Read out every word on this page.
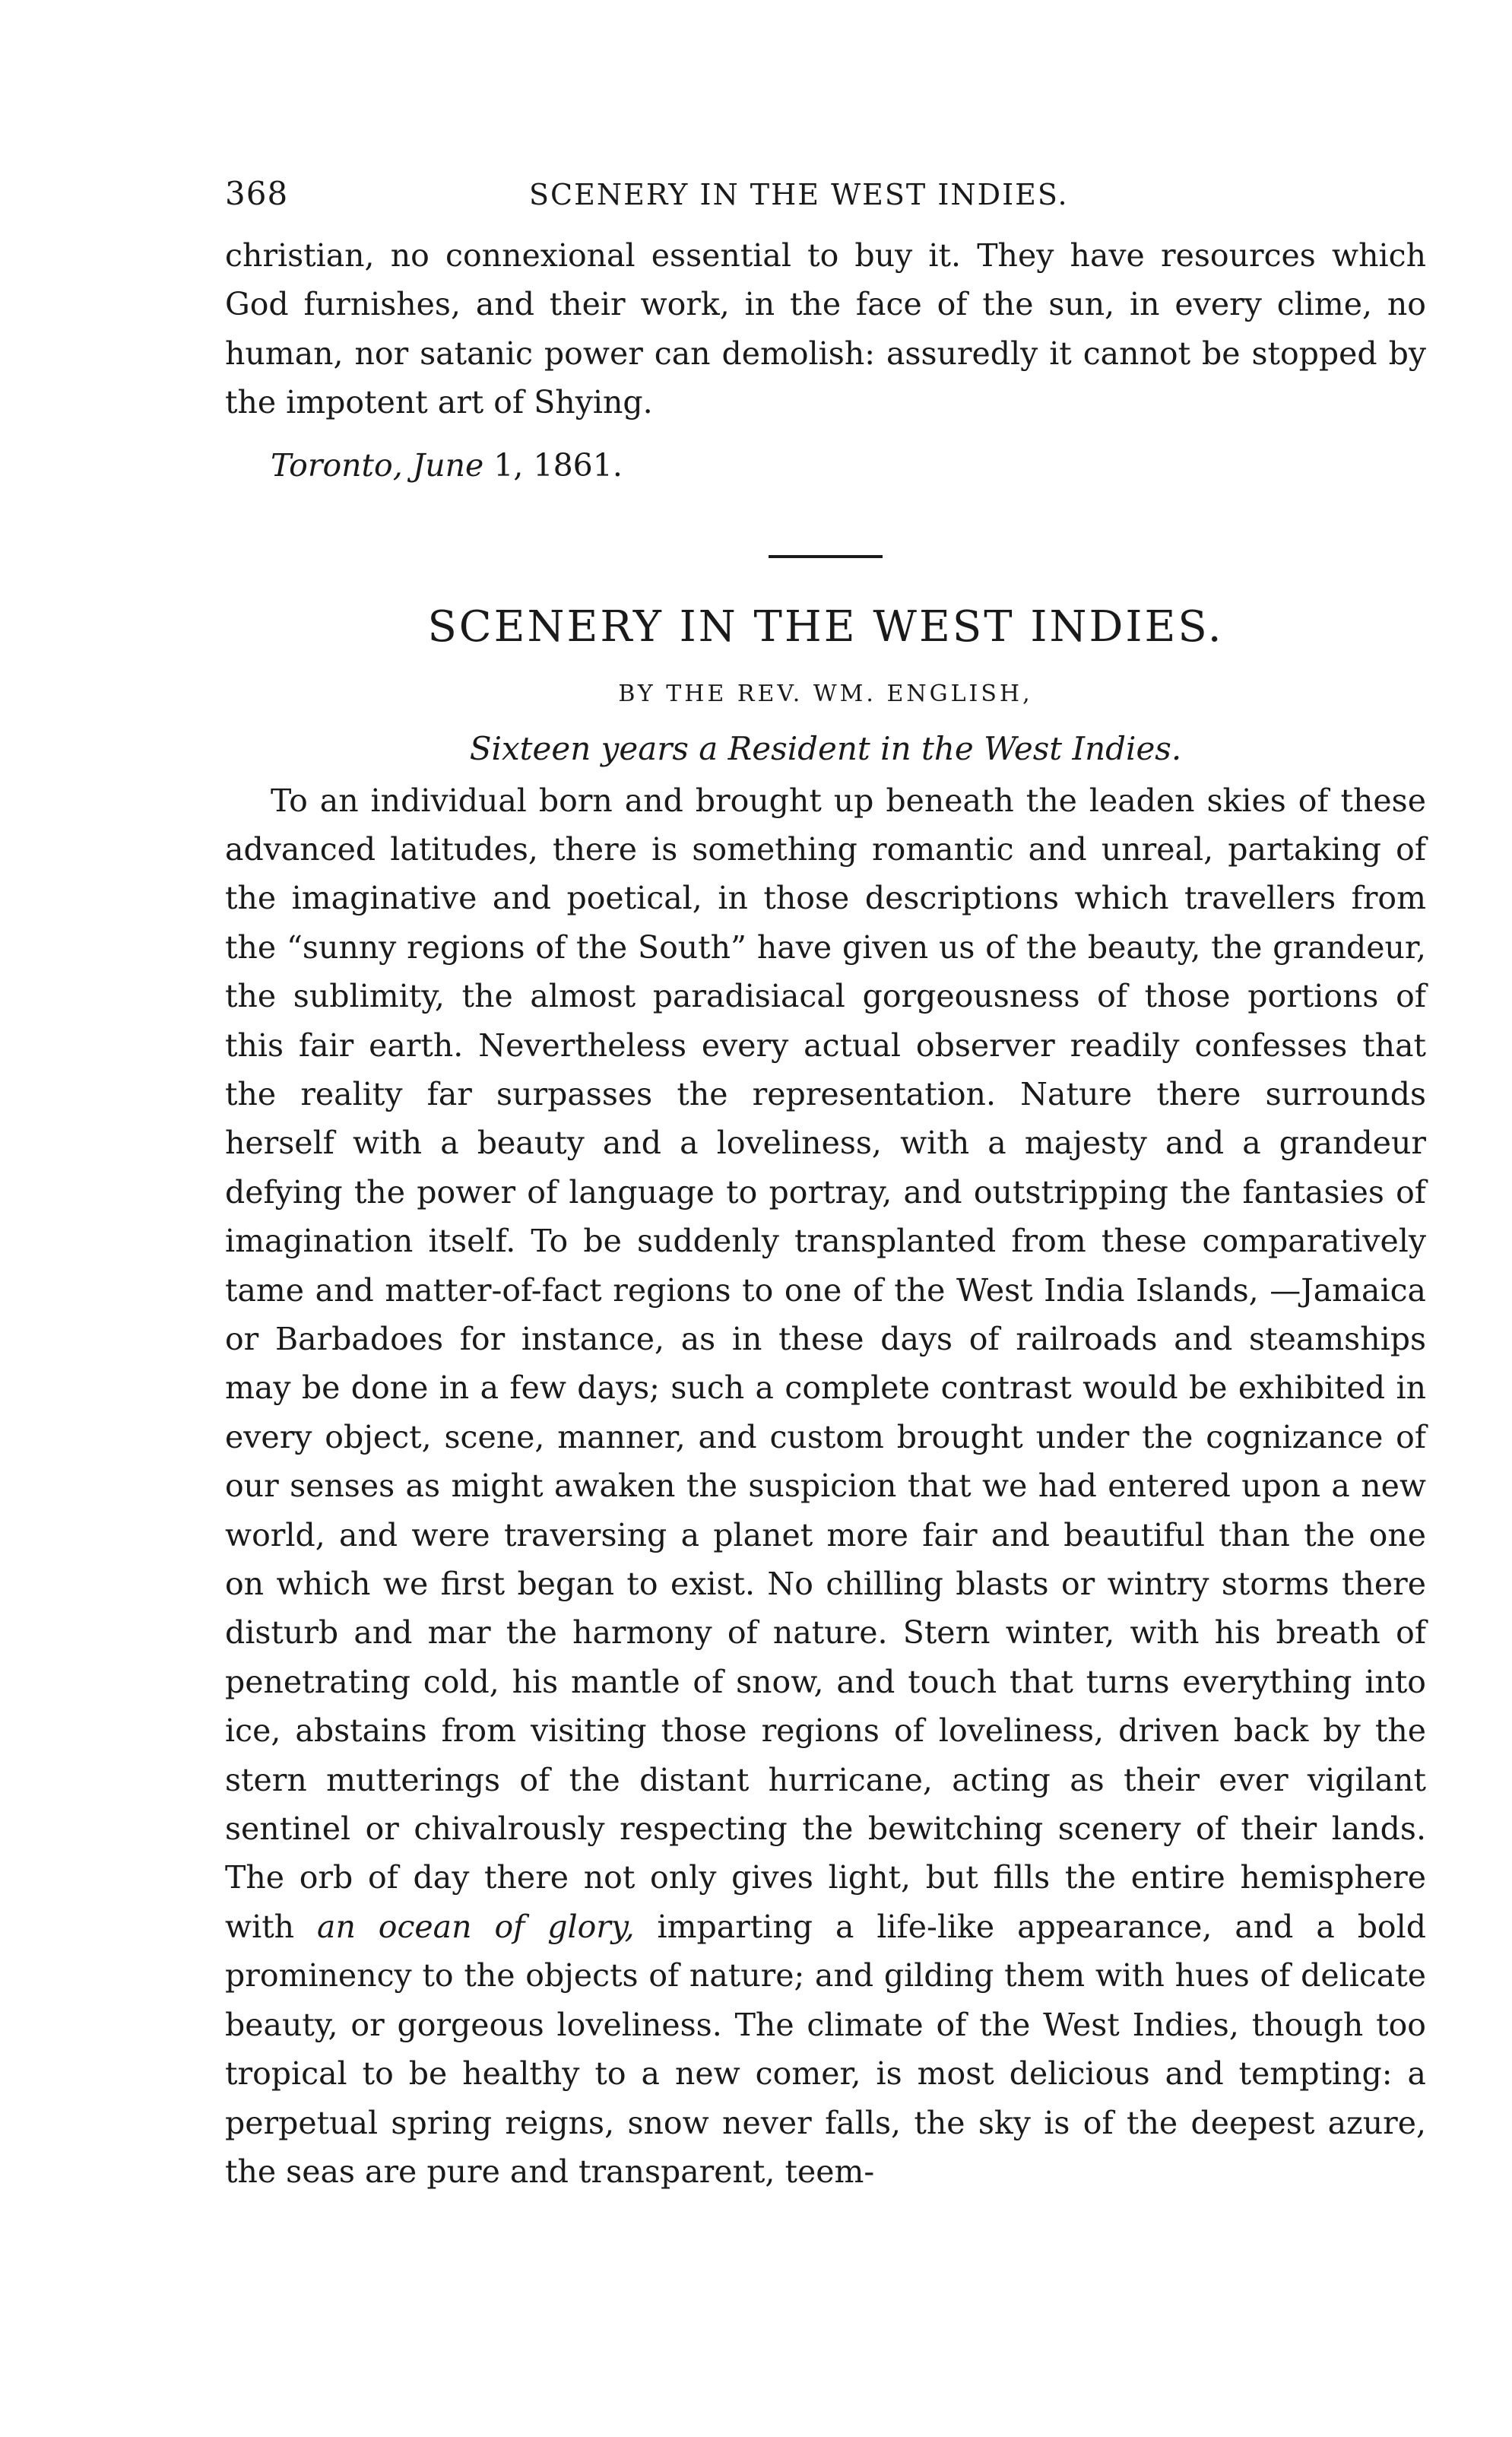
368	SCENERY IN THE WEST INDIES.

christian, no connexional essential to buy it. They have resources which God furnishes, and their work, in the face of the sun, in every clime, no human, nor satanic power can demolish: assuredly it cannot be stopped by the impotent art of Shying.
Toronto, June 1, 1861.

SCENERY IN THE WEST INDIES.
BY THE REV. WM. ENGLISH,
Sixteen years a Resident in the West Indies.

To an individual born and brought up beneath the leaden skies of these advanced latitudes, there is something romantic and unreal, partaking of the imaginative and poetical, in those descriptions which travellers from the “sunny regions of the South” have given us of the beauty, the grandeur, the sublimity, the almost paradisiacal gorgeousness of those portions of this fair earth. Nevertheless every actual observer readily confesses that the reality far surpasses the representation. Nature there surrounds herself with a beauty and a loveliness, with a majesty and a grandeur defying the power of language to portray, and outstripping the fantasies of imagination itself. To be suddenly transplanted from these comparatively tame and matter-of-fact regions to one of the West India Islands, —Jamaica or Barbadoes for instance, as in these days of railroads and steamships may be done in a few days; such a complete contrast would be exhibited in every object, scene, manner, and custom brought under the cognizance of our senses as might awaken the suspicion that we had entered upon a new world, and were traversing a planet more fair and beautiful than the one on which we first began to exist. No chilling blasts or wintry storms there disturb and mar the harmony of nature. Stern winter, with his breath of penetrating cold, his mantle of snow, and touch that turns everything into ice, abstains from visiting those regions of loveliness, driven back by the stern mutterings of the distant hurricane, acting as their ever vigilant sentinel or chivalrously respecting the bewitching scenery of their lands. The orb of day there not only gives light, but fills the entire hemisphere with an ocean of glory, imparting a life-like appearance, and a bold prominency to the objects of nature; and gilding them with hues of delicate beauty, or gorgeous loveliness. The climate of the West Indies, though too tropical to be healthy to a new comer, is most delicious and tempting: a perpetual spring reigns, snow never falls, the sky is of the deepest azure, the seas are pure and transparent, teem-
